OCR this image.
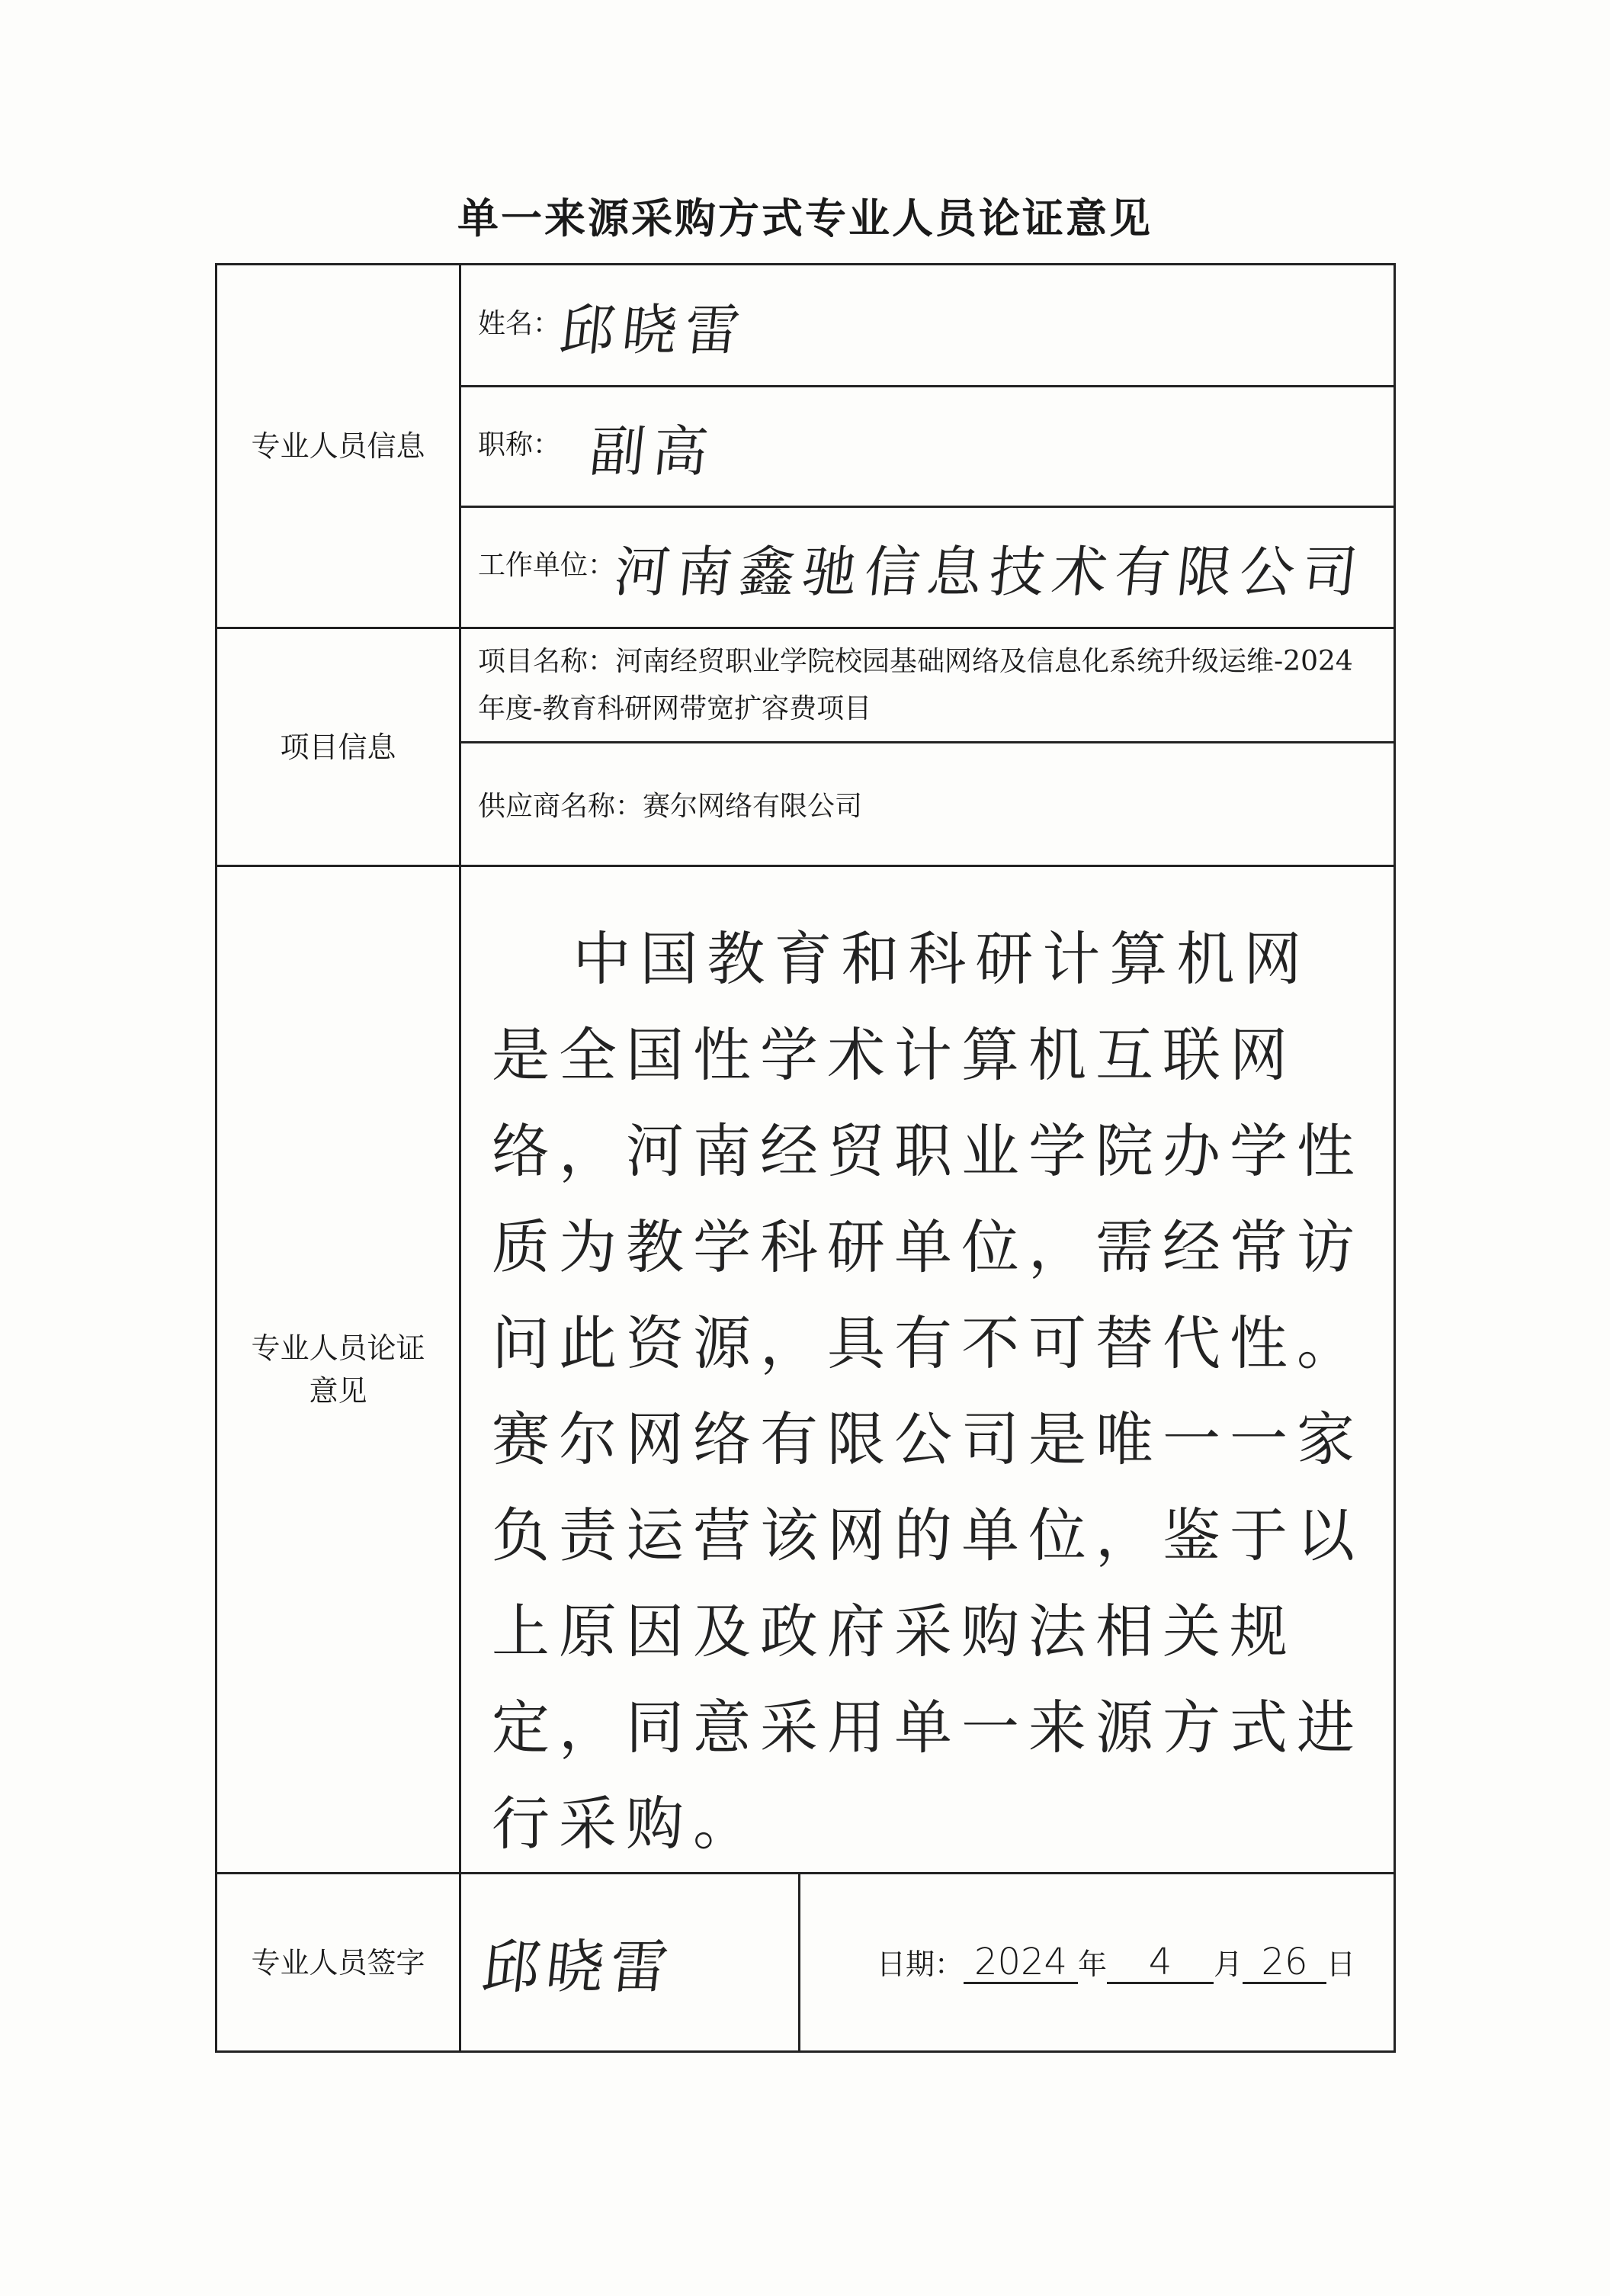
单一来源采购方式专业人员论证意见
专业人员信息	姓名：邱晓雷	
	职称： 副高	
	工作单位：河南鑫驰信息技术有限公司	
项目信息	项目名称：河南经贸职业学院校园基础网络及信息化系统升级运维-2024年度-教育科研网带宽扩容费项目	
	供应商名称：赛尔网络有限公司	
专业人员论证意见	中国教育和科研计算机网是全国性学术计算机互联网络，河南经贸职业学院办学性质为教学科研单位，需经常访问此资源，具有不可替代性。赛尔网络有限公司是唯一一家负责运营该网的单位，鉴于以上原因及政府采购法相关规定，同意采用单一来源方式进行采购。	
专业人员签字	邱晓雷	日期： 2024 年 4 月 26 日
